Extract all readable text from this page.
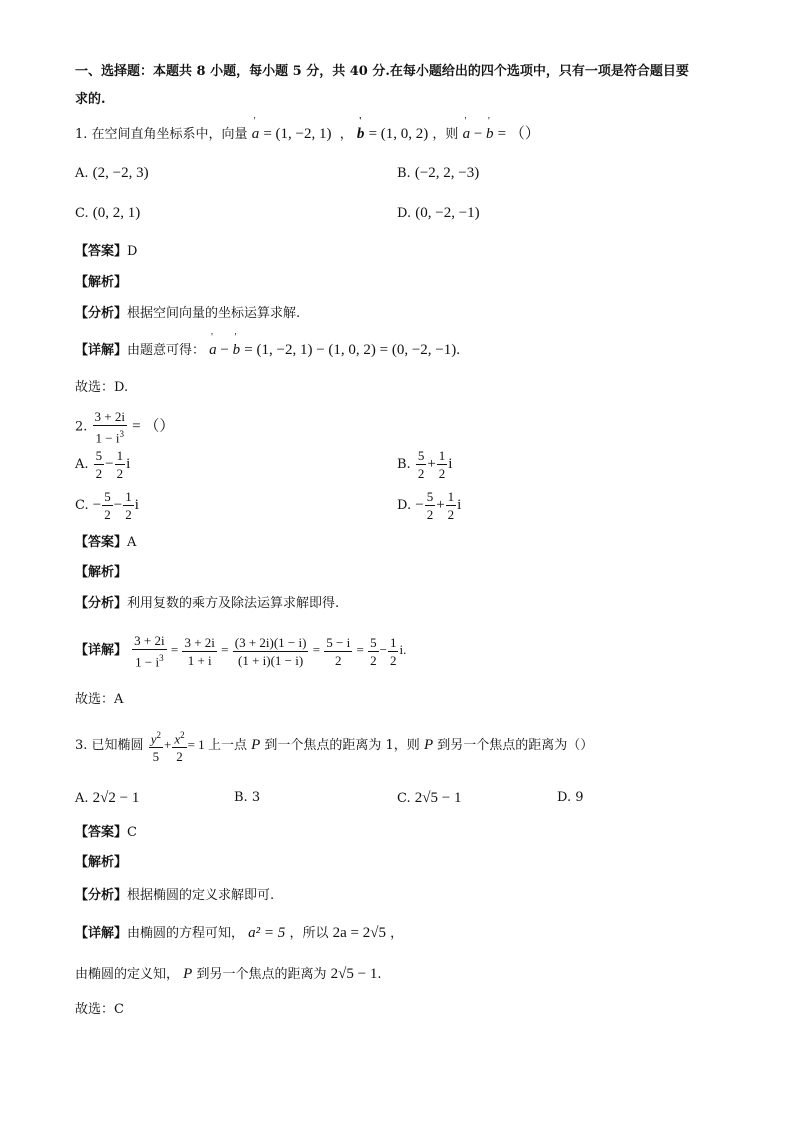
一、选择题：本题共 8 小题，每小题 5 分，共 40 分.在每小题给出的四个选项中，只有一项是符合题目要
求的.
1. 在空间直角坐标系中，向量 ' a = (1, −2, 1)  ， ' b = (1, 0, 2) ，则 ' a − ' b = （）
A. (2, −2, 3)	B. (−2, 2, −3)
C. (0, 2, 1)	D. (0, −2, −1)
【答案】D
【解析】
【分析】根据空间向量的坐标运算求解.
【详解】由题意可得： ' a − ' b = (1, −2, 1) − (1, 0, 2) = (0, −2, −1).
故选：D.
2. $\frac{3 + 2i}{1 - i^3}$ = （）
A. $\frac{5}{2} - \frac{1}{2}$ i	B. $\frac{5}{2} + \frac{1}{2}$ i
C. − $\frac{5}{2} - \frac{1}{2}$ i	D. − $\frac{5}{2} + \frac{1}{2}$ i
【答案】A
【解析】
【分析】利用复数的乘方及除法运算求解即得.
【详解】 $\frac{3 + 2i}{1 - i^3} = \frac{3 + 2i}{1 + i} = \frac{(3 + 2i)(1 - i)}{(1 + i)(1 - i)} = \frac{5 - i}{2} = \frac{5}{2} - \frac{1}{2} i$.
故选：A
3. 已知椭圆 $\frac{y^2}{5} + \frac{x^2}{2} = 1$ 上一点 P 到一个焦点的距离为 1，则 P 到另一个焦点的距离为（）
A. 2√2 − 1	B. 3	C. 2√5 − 1	D. 9
【答案】C
【解析】
【分析】根据椭圆的定义求解即可.
【详解】由椭圆的方程可知， a² = 5 ，所以 2a = 2√5 ，
由椭圆的定义知， P 到另一个焦点的距离为 2√5 − 1.
故选：C
